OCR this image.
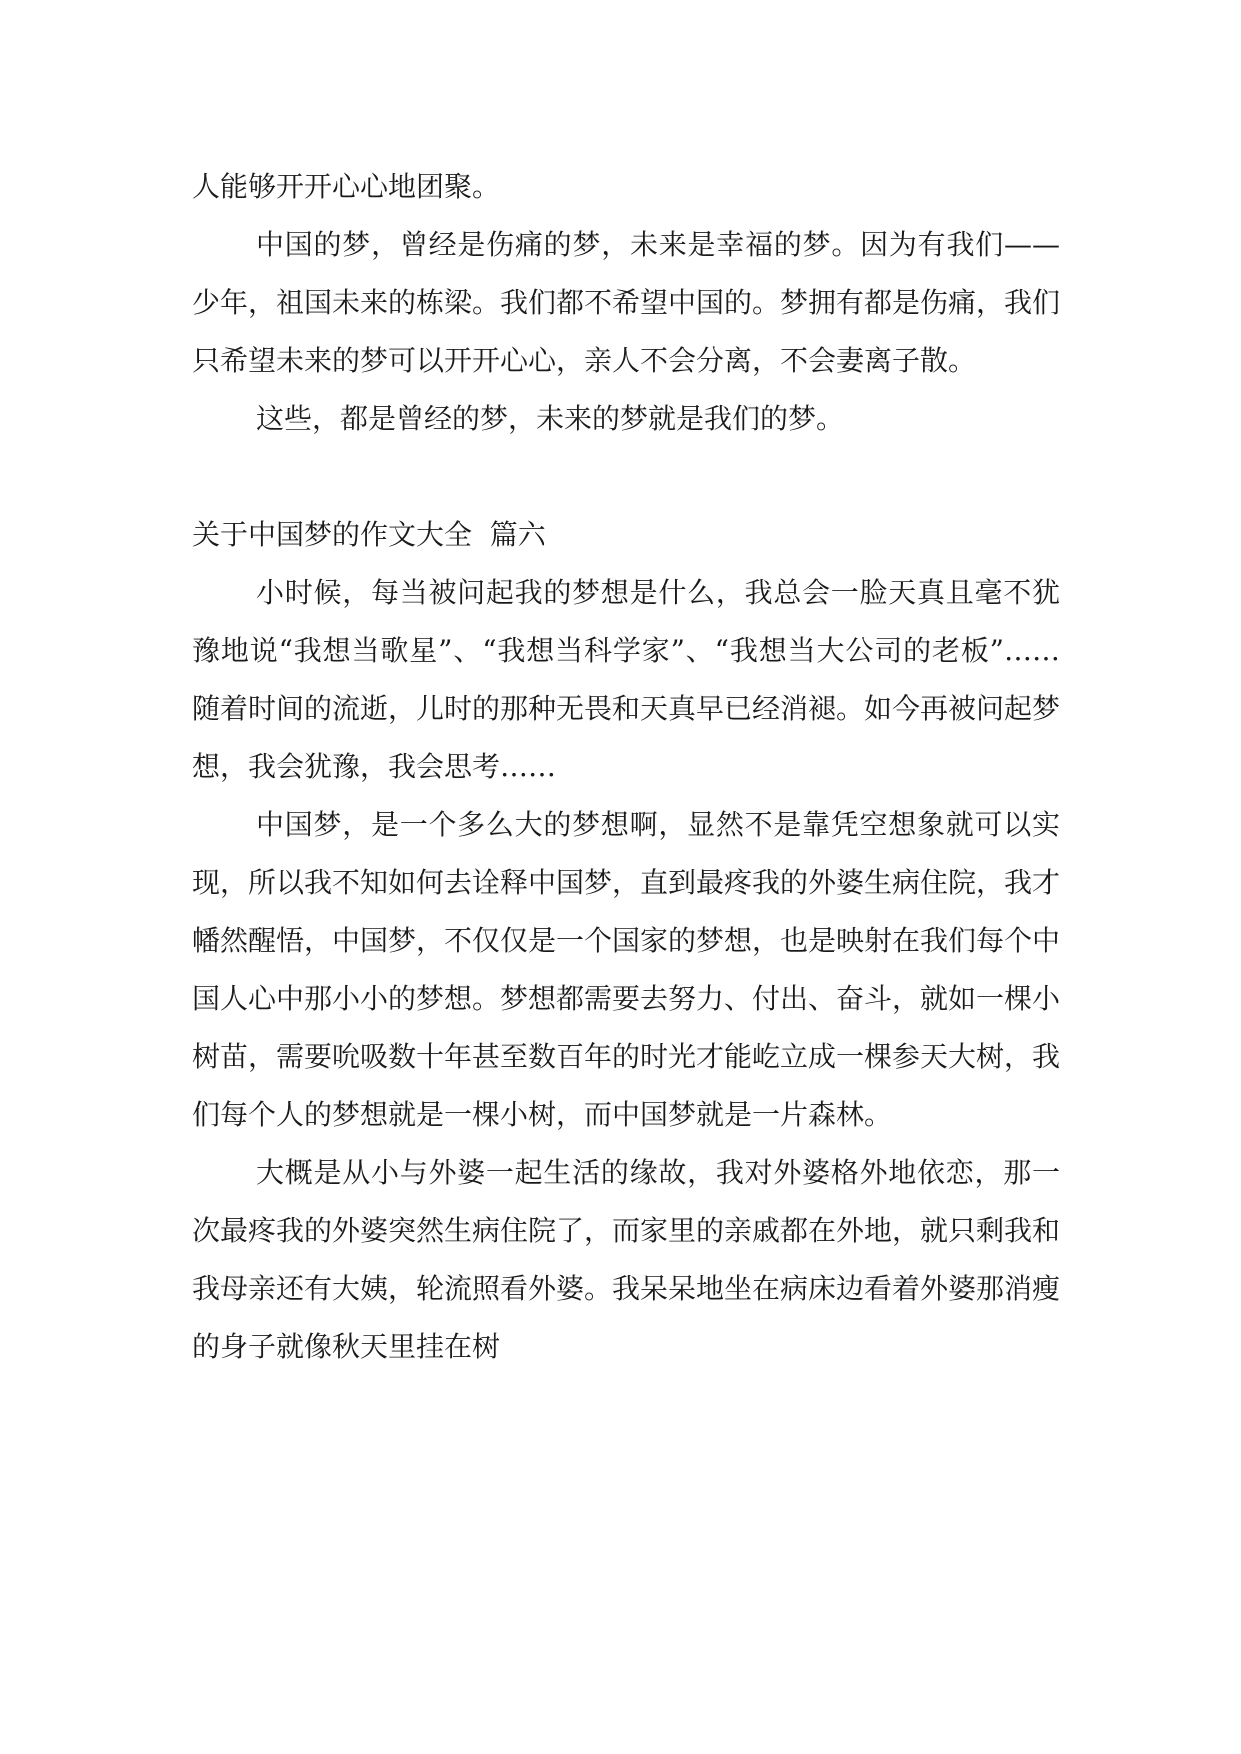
人能够开开心心地团聚。

中国的梦，曾经是伤痛的梦，未来是幸福的梦。因为有我们——少年，祖国未来的栋梁。我们都不希望中国的。梦拥有都是伤痛，我们只希望未来的梦可以开开心心，亲人不会分离，不会妻离子散。

这些，都是曾经的梦，未来的梦就是我们的梦。

关于中国梦的作文大全  篇六

小时候，每当被问起我的梦想是什么，我总会一脸天真且毫不犹豫地说“我想当歌星”、“我想当科学家”、“我想当大公司的老板”……随着时间的流逝，儿时的那种无畏和天真早已经消褪。如今再被问起梦想，我会犹豫，我会思考……

中国梦，是一个多么大的梦想啊，显然不是靠凭空想象就可以实现，所以我不知如何去诠释中国梦，直到最疼我的外婆生病住院，我才幡然醒悟，中国梦，不仅仅是一个国家的梦想，也是映射在我们每个中国人心中那小小的梦想。梦想都需要去努力、付出、奋斗，就如一棵小树苗，需要吮吸数十年甚至数百年的时光才能屹立成一棵参天大树，我们每个人的梦想就是一棵小树，而中国梦就是一片森林。

大概是从小与外婆一起生活的缘故，我对外婆格外地依恋，那一次最疼我的外婆突然生病住院了，而家里的亲戚都在外地，就只剩我和我母亲还有大姨，轮流照看外婆。我呆呆地坐在病床边看着外婆那消瘦的身子就像秋天里挂在树
